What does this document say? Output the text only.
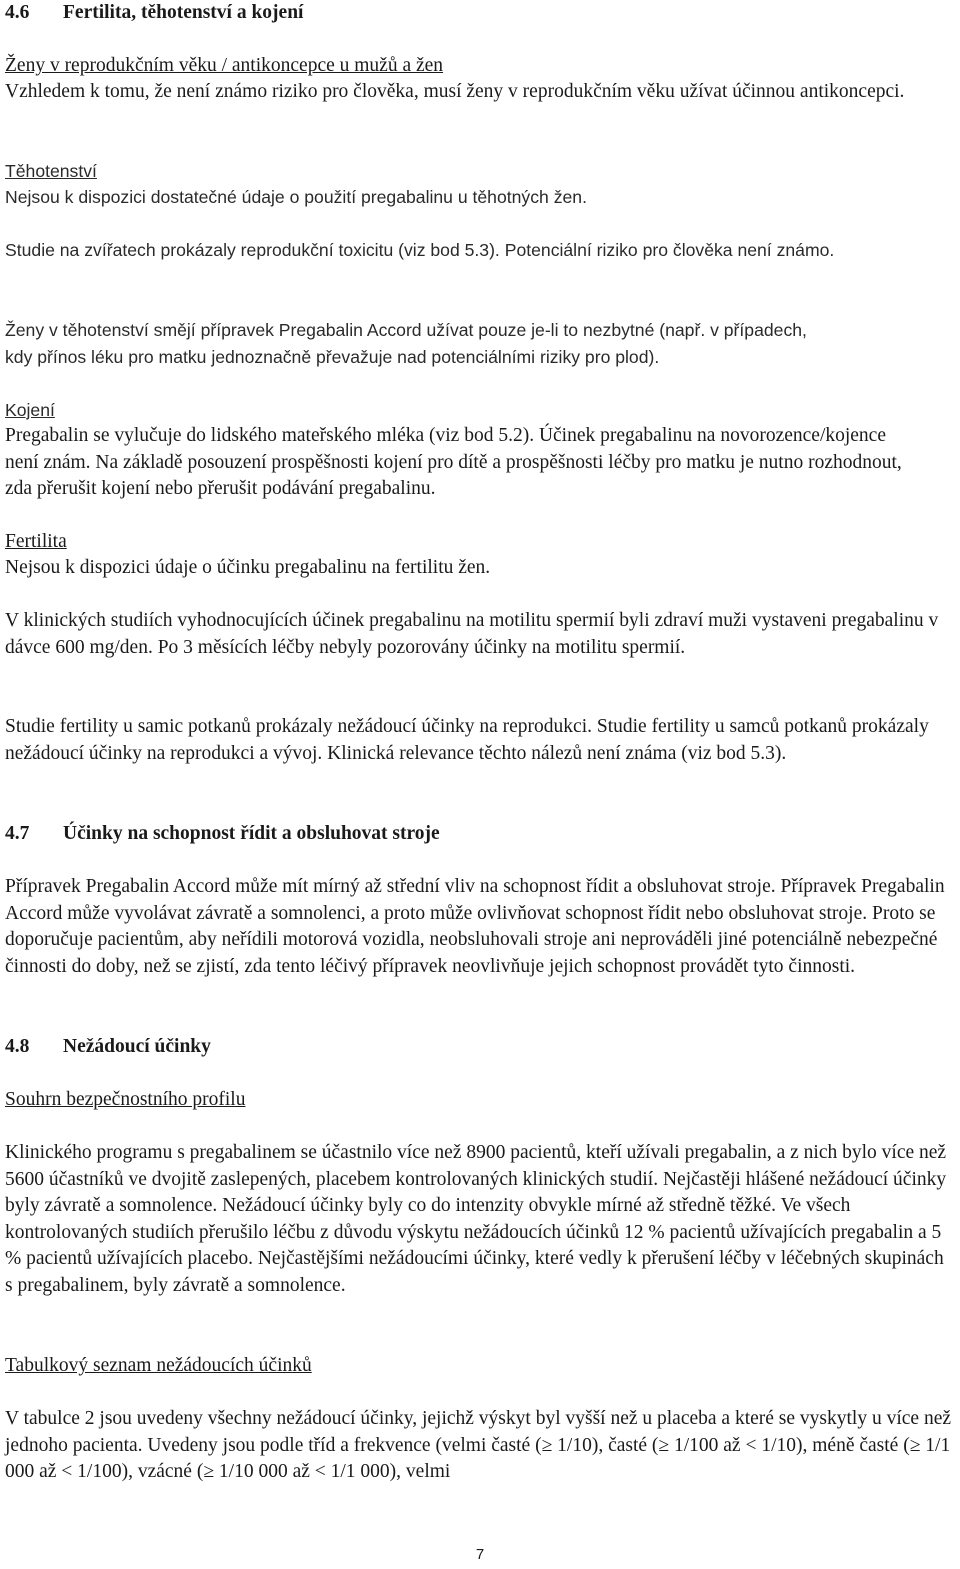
4.6	Fertilita, těhotenství a kojení

Ženy v reprodukčním věku / antikoncepce u mužů a žen

Vzhledem k tomu, že není známo riziko pro člověka, musí ženy v reprodukčním věku užívat účinnou antikoncepci.

Těhotenství

Nejsou k dispozici dostatečné údaje o použití pregabalinu u těhotných žen.

Studie na zvířatech prokázaly reprodukční toxicitu (viz bod 5.3). Potenciální riziko pro člověka není známo.

Ženy v těhotenství smějí přípravek Pregabalin Accord užívat pouze je-li to nezbytné (např. v případech, kdy přínos léku pro matku jednoznačně převažuje nad potenciálními riziky pro plod).

Kojení

Pregabalin se vylučuje do lidského mateřského mléka (viz bod 5.2). Účinek pregabalinu na novorozence/kojence není znám. Na základě posouzení prospěšnosti kojení pro dítě a prospěšnosti léčby pro matku je nutno rozhodnout, zda přerušit kojení nebo přerušit podávání pregabalinu.

Fertilita

Nejsou k dispozici údaje o účinku pregabalinu na fertilitu žen.

V klinických studiích vyhodnocujících účinek pregabalinu na motilitu spermií byli zdraví muži vystaveni pregabalinu v dávce 600 mg/den. Po 3 měsících léčby nebyly pozorovány účinky na motilitu spermií.

Studie fertility u samic potkanů prokázaly nežádoucí účinky na reprodukci. Studie fertility u samců potkanů prokázaly nežádoucí účinky na reprodukci a vývoj. Klinická relevance těchto nálezů není známa (viz bod 5.3).

4.7	Účinky na schopnost řídit a obsluhovat stroje

Přípravek Pregabalin Accord může mít mírný až střední vliv na schopnost řídit a obsluhovat stroje. Přípravek Pregabalin Accord může vyvolávat závratě a somnolenci, a proto může ovlivňovat schopnost řídit nebo obsluhovat stroje. Proto se doporučuje pacientům, aby neřídili motorová vozidla, neobsluhovali stroje ani neprováděli jiné potenciálně nebezpečné činnosti do doby, než se zjistí, zda tento léčivý přípravek neovlivňuje jejich schopnost provádět tyto činnosti.

4.8	Nežádoucí účinky

Souhrn bezpečnostního profilu

Klinického programu s pregabalinem se účastnilo více než 8900 pacientů, kteří užívali pregabalin, a z nich bylo více než 5600 účastníků ve dvojitě zaslepených, placebem kontrolovaných klinických studií. Nejčastěji hlášené nežádoucí účinky byly závratě a somnolence. Nežádoucí účinky byly co do intenzity obvykle mírné až středně těžké. Ve všech kontrolovaných studiích přerušilo léčbu z důvodu výskytu nežádoucích účinků 12 % pacientů užívajících pregabalin a 5 % pacientů užívajících placebo. Nejčastějšími nežádoucími účinky, které vedly k přerušení léčby v léčebných skupinách s pregabalinem, byly závratě a somnolence.

Tabulkový seznam nežádoucích účinků

V tabulce 2 jsou uvedeny všechny nežádoucí účinky, jejichž výskyt byl vyšší než u placeba a které se vyskytly u více než jednoho pacienta. Uvedeny jsou podle tříd a frekvence (velmi časté (≥ 1/10), časté (≥ 1/100 až < 1/10), méně časté (≥ 1/1 000 až < 1/100), vzácné (≥ 1/10 000 až < 1/1 000), velmi

7
